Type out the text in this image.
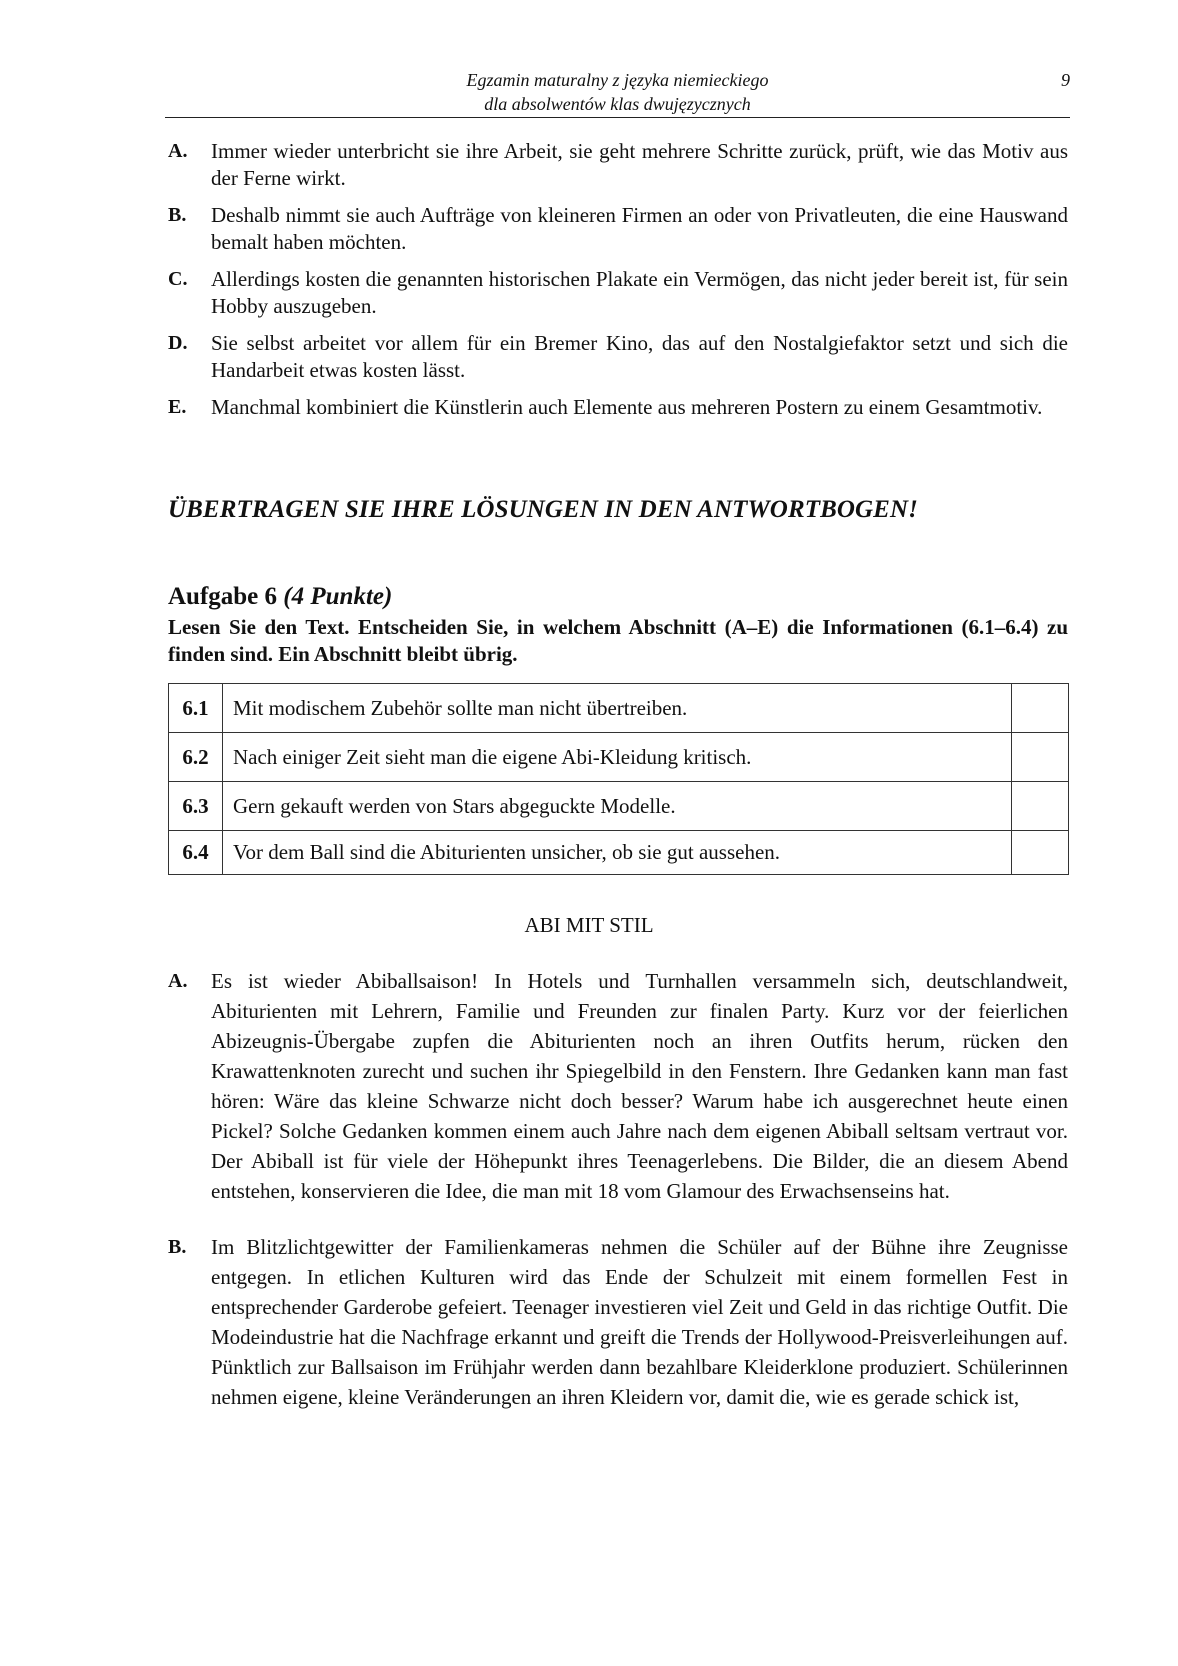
Egzamin maturalny z języka niemieckiego
dla absolwentów klas dwujęzycznych
9
A.	Immer wieder unterbricht sie ihre Arbeit, sie geht mehrere Schritte zurück, prüft, wie das Motiv aus der Ferne wirkt.
B.	Deshalb nimmt sie auch Aufträge von kleineren Firmen an oder von Privatleuten, die eine Hauswand bemalt haben möchten.
C.	Allerdings kosten die genannten historischen Plakate ein Vermögen, das nicht jeder bereit ist, für sein Hobby auszugeben.
D.	Sie selbst arbeitet vor allem für ein Bremer Kino, das auf den Nostalgiefaktor setzt und sich die Handarbeit etwas kosten lässt.
E.	Manchmal kombiniert die Künstlerin auch Elemente aus mehreren Postern zu einem Gesamtmotiv.
ÜBERTRAGEN SIE IHRE LÖSUNGEN IN DEN ANTWORTBOGEN!
Aufgabe 6 (4 Punkte)
Lesen Sie den Text. Entscheiden Sie, in welchem Abschnitt (A–E) die Informationen (6.1–6.4) zu finden sind. Ein Abschnitt bleibt übrig.
6.1	Mit modischem Zubehör sollte man nicht übertreiben.	
6.2	Nach einiger Zeit sieht man die eigene Abi-Kleidung kritisch.	
6.3	Gern gekauft werden von Stars abgeguckte Modelle.	
6.4	Vor dem Ball sind die Abiturienten unsicher, ob sie gut aussehen.	
ABI MIT STIL
A.	Es ist wieder Abiballsaison! In Hotels und Turnhallen versammeln sich, deutschlandweit, Abiturienten mit Lehrern, Familie und Freunden zur finalen Party. Kurz vor der feierlichen Abizeugnis-Übergabe zupfen die Abiturienten noch an ihren Outfits herum, rücken den Krawattenknoten zurecht und suchen ihr Spiegelbild in den Fenstern. Ihre Gedanken kann man fast hören: Wäre das kleine Schwarze nicht doch besser? Warum habe ich ausgerechnet heute einen Pickel? Solche Gedanken kommen einem auch Jahre nach dem eigenen Abiball seltsam vertraut vor. Der Abiball ist für viele der Höhepunkt ihres Teenagerlebens. Die Bilder, die an diesem Abend entstehen, konservieren die Idee, die man mit 18 vom Glamour des Erwachsenseins hat.
B.	Im Blitzlichtgewitter der Familienkameras nehmen die Schüler auf der Bühne ihre Zeugnisse entgegen. In etlichen Kulturen wird das Ende der Schulzeit mit einem formellen Fest in entsprechender Garderobe gefeiert. Teenager investieren viel Zeit und Geld in das richtige Outfit. Die Modeindustrie hat die Nachfrage erkannt und greift die Trends der Hollywood-Preisverleihungen auf. Pünktlich zur Ballsaison im Frühjahr werden dann bezahlbare Kleiderklone produziert. Schülerinnen nehmen eigene, kleine Veränderungen an ihren Kleidern vor, damit die, wie es gerade schick ist,
